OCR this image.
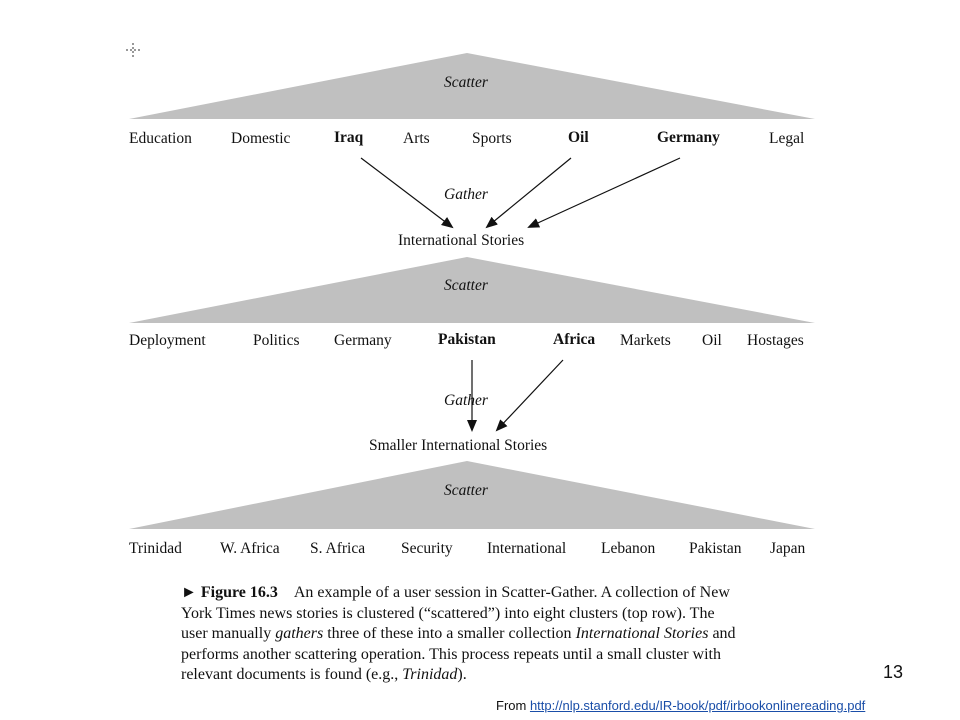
Scatter
Education	Domestic	Iraq	Arts	Sports	Oil	Germany	Legal
Gather
International Stories
Scatter
Deployment	Politics Germany	Pakistan	Africa Markets Oil Hostages
Gather
Smaller International Stories
Scatter
Trinidad W. Africa S. Africa Security International Lebanon Pakistan Japan
► Figure 16.3 An example of a user session in Scatter-Gather. A collection of New
York Times news stories is clustered (“scattered”) into eight clusters (top row). The
user manually gathers three of these into a smaller collection International Stories and
performs another scattering operation. This process repeats until a small cluster with
relevant documents is found (e.g., Trinidad).	13
From http://nlp.stanford.edu/IR-book/pdf/irbookonlinereading.pdf
